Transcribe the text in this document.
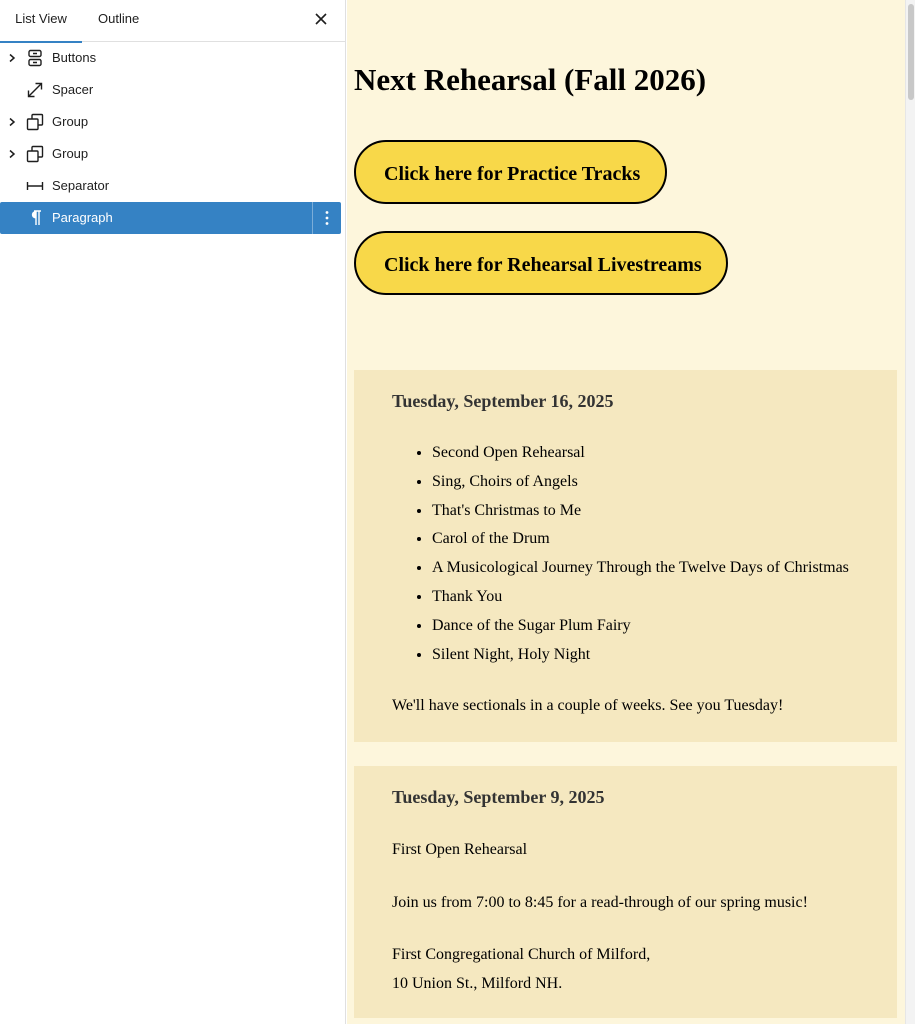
List View	Outline
Buttons
Spacer
Group
Group
Separator
Paragraph
Next Rehearsal (Fall 2026)
Click here for Practice Tracks
Click here for Rehearsal Livestreams
Tuesday, September 16, 2025
• Second Open Rehearsal
• Sing, Choirs of Angels
• That's Christmas to Me
• Carol of the Drum
• A Musicological Journey Through the Twelve Days of Christmas
• Thank You
• Dance of the Sugar Plum Fairy
• Silent Night, Holy Night
We'll have sectionals in a couple of weeks. See you Tuesday!
Tuesday, September 9, 2025
First Open Rehearsal
Join us from 7:00 to 8:45 for a read-through of our spring music!
First Congregational Church of Milford,
10 Union St., Milford NH.
